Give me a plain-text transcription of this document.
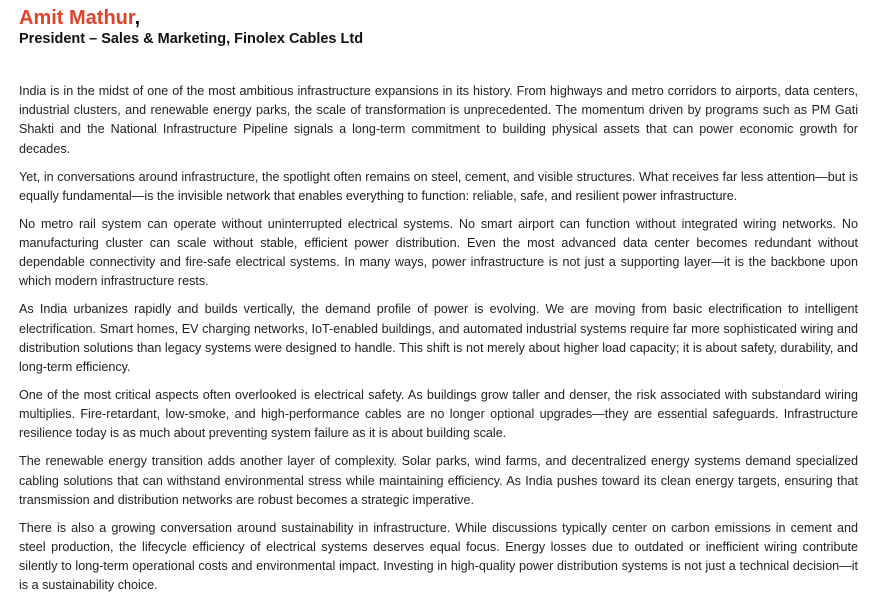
Amit Mathur,
President – Sales & Marketing, Finolex Cables Ltd

India is in the midst of one of the most ambitious infrastructure expansions in its history. From highways and metro corridors to airports, data centers, industrial clusters, and renewable energy parks, the scale of transformation is unprecedented. The momentum driven by programs such as PM Gati Shakti and the National Infrastructure Pipeline signals a long-term commitment to building physical assets that can power economic growth for decades.

Yet, in conversations around infrastructure, the spotlight often remains on steel, cement, and visible structures. What receives far less attention—but is equally fundamental—is the invisible network that enables everything to function: reliable, safe, and resilient power infrastructure.

No metro rail system can operate without uninterrupted electrical systems. No smart airport can function without integrated wiring networks. No manufacturing cluster can scale without stable, efficient power distribution. Even the most advanced data center becomes redundant without dependable connectivity and fire-safe electrical systems. In many ways, power infrastructure is not just a supporting layer—it is the backbone upon which modern infrastructure rests.

As India urbanizes rapidly and builds vertically, the demand profile of power is evolving. We are moving from basic electrification to intelligent electrification. Smart homes, EV charging networks, IoT-enabled buildings, and automated industrial systems require far more sophisticated wiring and distribution solutions than legacy systems were designed to handle. This shift is not merely about higher load capacity; it is about safety, durability, and long-term efficiency.

One of the most critical aspects often overlooked is electrical safety. As buildings grow taller and denser, the risk associated with substandard wiring multiplies. Fire-retardant, low-smoke, and high-performance cables are no longer optional upgrades—they are essential safeguards. Infrastructure resilience today is as much about preventing system failure as it is about building scale.

The renewable energy transition adds another layer of complexity. Solar parks, wind farms, and decentralized energy systems demand specialized cabling solutions that can withstand environmental stress while maintaining efficiency. As India pushes toward its clean energy targets, ensuring that transmission and distribution networks are robust becomes a strategic imperative.

There is also a growing conversation around sustainability in infrastructure. While discussions typically center on carbon emissions in cement and steel production, the lifecycle efficiency of electrical systems deserves equal focus. Energy losses due to outdated or inefficient wiring contribute silently to long-term operational costs and environmental impact. Investing in high-quality power distribution systems is not just a technical decision—it is a sustainability choice.
